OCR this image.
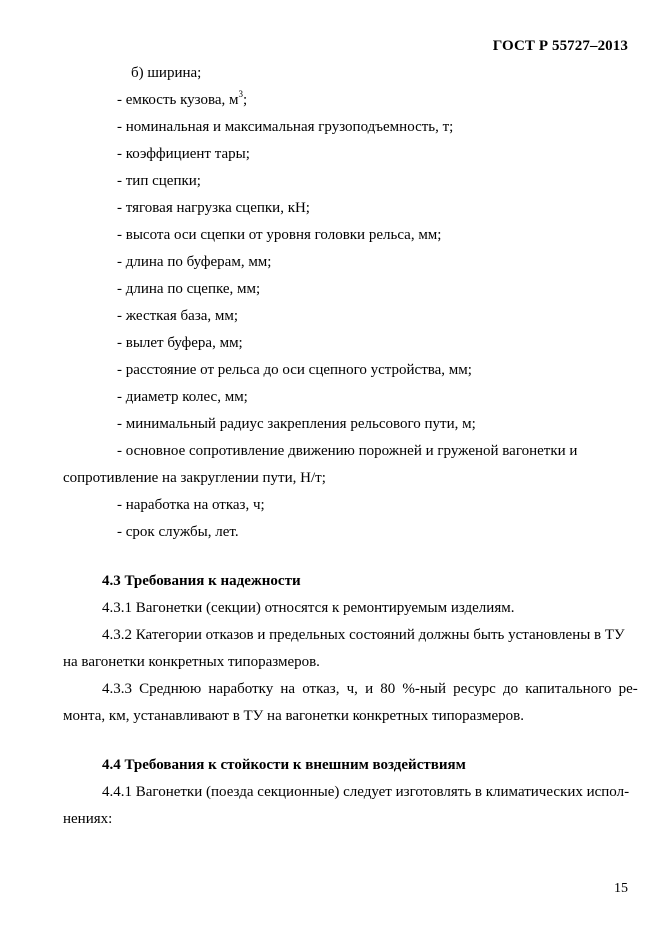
ГОСТ Р 55727–2013
б) ширина;
- емкость кузова, $м^3$;
- номинальная и максимальная грузоподъемность, т;
- коэффициент тары;
- тип сцепки;
- тяговая нагрузка сцепки, кН;
- высота оси сцепки от уровня головки рельса, мм;
- длина по буферам, мм;
- длина по сцепке, мм;
- жесткая база, мм;
- вылет буфера, мм;
- расстояние от рельса до оси сцепного устройства, мм;
- диаметр колес, мм;
- минимальный радиус закрепления рельсового пути, м;
- основное сопротивление движению порожней и груженой вагонетки и
сопротивление на закруглении пути, Н/т;
- наработка на отказ, ч;
- срок службы, лет.
4.3 Требования к надежности
4.3.1 Вагонетки (секции) относятся к ремонтируемым изделиям.
4.3.2 Категории отказов и предельных состояний должны быть установлены в ТУ
на вагонетки конкретных типоразмеров.
4.3.3 Среднюю наработку на отказ, ч, и 80 %-ный ресурс до капитального ре-
монта, км, устанавливают в ТУ на вагонетки конкретных типоразмеров.
4.4 Требования к стойкости к внешним воздействиям
4.4.1 Вагонетки (поезда секционные) следует изготовлять в климатических испол-
нениях:
15
